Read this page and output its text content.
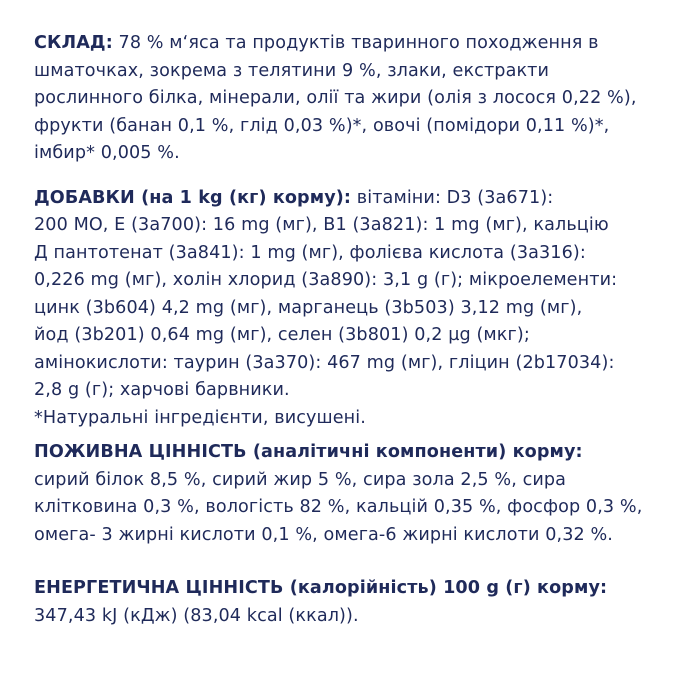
СКЛАД: 78 % м‘яса та продуктів тваринного походження в
шматочках, зокрема з телятини 9 %, злаки, екстракти
рослинного білка, мінерали, олії та жири (олія з лосося 0,22 %),
фрукти (банан 0,1 %, глід 0,03 %)*, овочі (помідори 0,11 %)*,
імбир* 0,005 %.
ДОБАВКИ (на 1 kg (кг) корму): вітаміни: D3 (3а671):
200 МО, Е (3а700): 16 mg (мг), В1 (3а821): 1 mg (мг), кальцію
Д пантотенат (3а841): 1 mg (мг), фолієва кислота (3а316):
0,226 mg (мг), холін хлорид (3а890): 3,1 g (г); мікроелементи:
цинк (3b604) 4,2 mg (мг), марганець (3b503) 3,12 mg (мг),
йод (3b201) 0,64 mg (мг), селен (3b801) 0,2 µg (мкг);
амінокислоти: таурин (3а370): 467 mg (мг), гліцин (2b17034):
2,8 g (г); харчові барвники.
*Натуральні інгредієнти, висушені.
ПОЖИВНА ЦІННІСТЬ (аналітичні компоненти) корму:
сирий білок 8,5 %, сирий жир 5 %, сира зола 2,5 %, сира
клітковина 0,3 %, вологість 82 %, кальцій 0,35 %, фосфор 0,3 %,
омега- 3 жирні кислоти 0,1 %, омега-6 жирні кислоти 0,32 %.
ЕНЕРГЕТИЧНА ЦІННІСТЬ (калорійність) 100 g (г) корму:
347,43 kJ (кДж) (83,04 kcal (ккал)).
